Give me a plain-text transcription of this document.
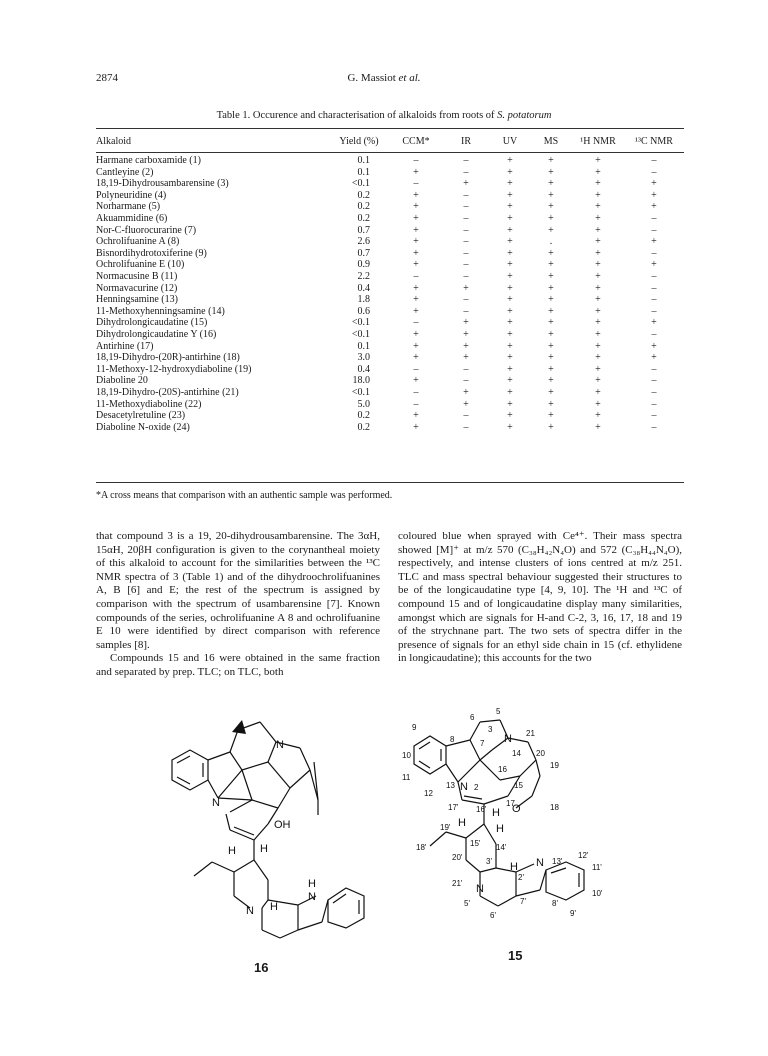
2874	G. Massiot et al.
Table 1. Occurence and characterisation of alkaloids from roots of S. potatorum
Alkaloid	Yield (%)	CCM*	IR	UV	MS	¹H NMR	¹³C NMR
Harmane carboxamide (1)	0.1	–	–	+	+	+	–
Cantleyine (2)	0.1	+	–	+	+	+	–
18,19-Dihydrousambarensine (3)	<0.1	–	+	+	+	+	+
Polyneuridine (4)	0.2	+	–	+	+	+	+
Norharmane (5)	0.2	+	–	+	+	+	+
Akuammidine (6)	0.2	+	–	+	+	+	–
Nor-C-fluorocurarine (7)	0.7	+	–	+	+	+	–
Ochrolifuanine A (8)	2.6	+	–	+	.	+	+
Bisnordihydrotoxiferine (9)	0.7	+	–	+	+	+	–
Ochrolifuanine E (10)	0.9	+	–	+	+	+	+
Normacusine B (11)	2.2	–	–	+	+	+	–
Normavacurine (12)	0.4	+	+	+	+	+	–
Henningsamine (13)	1.8	+	–	+	+	+	–
11-Methoxyhenningsamine (14)	0.6	+	–	+	+	+	–
Dihydrolongicaudatine (15)	<0.1	–	+	+	+	+	+
Dihydrolongicaudatine Y (16)	<0.1	+	+	+	+	+	–
Antirhine (17)	0.1	+	+	+	+	+	+
18,19-Dihydro-(20R)-antirhine (18)	3.0	+	+	+	+	+	+
11-Methoxy-12-hydroxydiaboline (19)	0.4	–	–	+	+	+	–
Diaboline 20	18.0	+	–	+	+	+	–
18,19-Dihydro-(20S)-antirhine (21)	<0.1	–	+	+	+	+	–
11-Methoxydiaboline (22)	5.0	–	+	+	+	+	–
Desacetylretuline (23)	0.2	+	–	+	+	+	–
Diaboline N-oxide (24)	0.2	+	–	+	+	+	–
*A cross means that comparison with an authentic sample was performed.

that compound 3 is a 19, 20-dihydrousambarensine. The 3αH, 15αH, 20βH configuration is given to the corynantheal moiety of this alkaloid to account for the similarities between the ¹³C NMR spectra of 3 (Table 1) and of the dihydroochrolifuanines A, B [6] and E; the rest of the spectrum is assigned by comparison with the spectrum of usambarensine [7]. Known compounds of the series, ochrolifuanine A 8 and ochrolifuanine E 10 were identified by direct comparison with reference samples [8].

Compounds 15 and 16 were obtained in the same fraction and separated by prep. TLC; on TLC, both

coloured blue when sprayed with Ce⁴⁺. Their mass spectra showed [M]⁺ at m/z 570 (C₃₈H₄₂N₄O) and 572 (C₃₈H₄₄N₄O), respectively, and intense clusters of ions centred at m/z 251. TLC and mass spectral behaviour suggested their structures to be of the longicaudatine type [4, 9, 10]. The ¹H and ¹³C of compound 15 and of longicaudatine display many similarities, amongst which are signals for H-and C-2, 3, 16, 17, 18 and 19 of the strychnane part. The two sets of spectra differ in the presence of signals for an ethyl side chain in 15 (cf. ethylidene in longicaudatine); this accounts for the two

N
N
OH
H H
H
N
N
H
16
N
N
N
N
O
H
H
H
H
5
6
3
7
21
9
8
14 20
10
16	19
11
13 2	15
12
17' 16'
17	18
19'
15' 14'
18'
20'	3'
2'
13'
12'
11'
21'
5'	7'
10'
6'
8'
9'
15
